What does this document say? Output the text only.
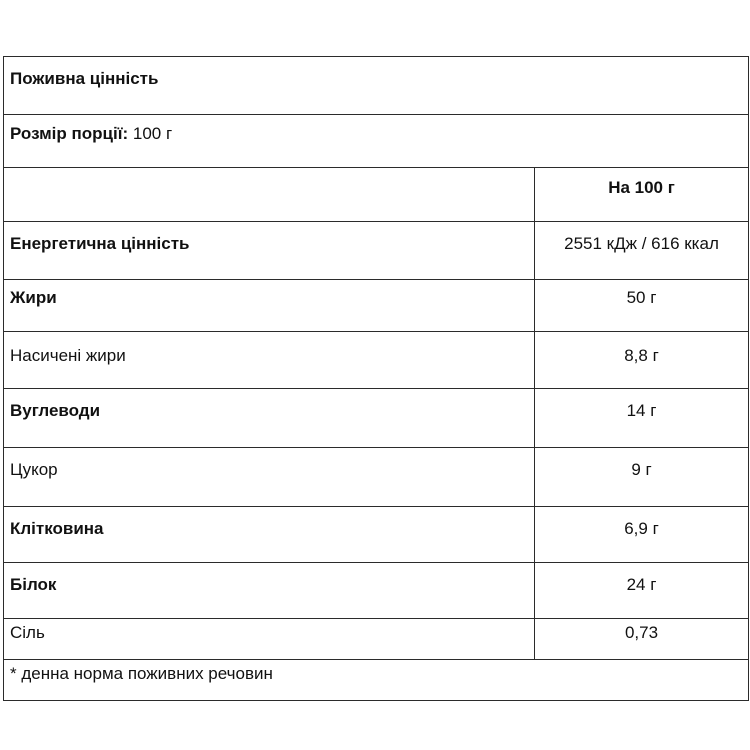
Поживна цінність	
Розмір порції: 100 г	
	На 100 г
Енергетична цінність	2551 кДж / 616 ккал
Жири	50 г
Насичені жири	8,8 г
Вуглеводи	14 г
Цукор	9 г
Клітковина	6,9 г
Білок	24 г
Сіль	0,73
* денна норма поживних речовин	
